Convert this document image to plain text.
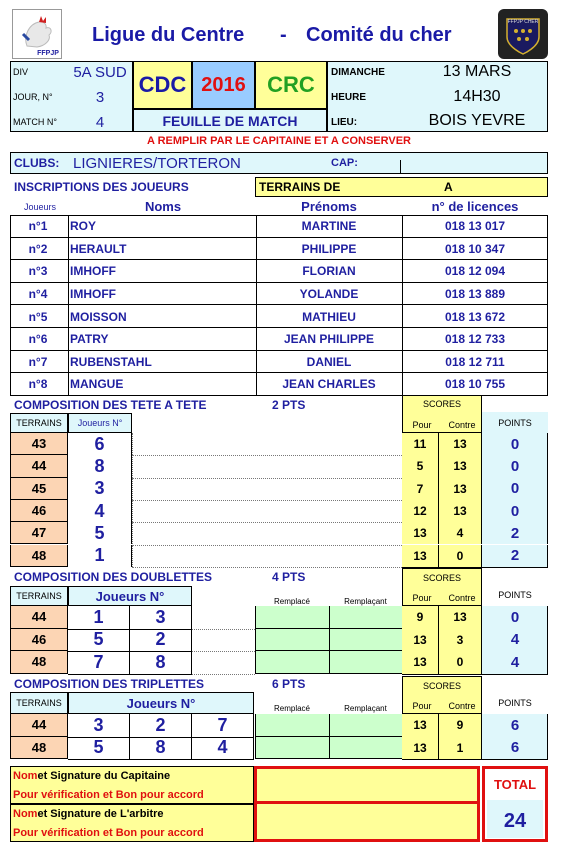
FFPJP
Ligue du Centre - Comité du cher
FFPJP CHER
DIV	5A SUD
JOUR, N°	3
MATCH N°	4
CDC 2016 CRC
FEUILLE DE MATCH
DIMANCHE	13 MARS
HEURE	14H30
LIEU:	BOIS YEVRE
A REMPLIR PAR LE CAPITAINE ET A CONSERVER
CLUBS: LIGNIERES/TORTERON	CAP:
INSCRIPTIONS DES JOUEURS	TERRAINS DE	A
Joueurs	Noms	Prénoms	n° de licences
n°1	ROY	MARTINE	018 13 017
n°2	HERAULT	PHILIPPE	018 10 347
n°3	IMHOFF	FLORIAN	018 12 094
n°4	IMHOFF	YOLANDE	018 13 889
n°5	MOISSON	MATHIEU	018 13 672
n°6	PATRY	JEAN PHILIPPE	018 12 733
n°7	RUBENSTAHL	DANIEL	018 12 711
n°8	MANGUE	JEAN CHARLES	018 10 755
COMPOSITION DES TETE A TETE	2 PTS	SCORES
Pour	Contre	POINTS
TERRAINS	Joueurs N°
43	6	11	13	0
44	8	5	13	0
45	3	7	13	0
46	4	12	13	0
47	5	13	4	2
48	1	13	0	2
COMPOSITION DES DOUBLETTES	4 PTS	SCORES
Pour	Contre	POINTS
TERRAINS	Joueurs N°	Remplacé	Remplaçant
44	1	3	9	13	0
46	5	2	13	3	4
48	7	8	13	0	4
COMPOSITION DES TRIPLETTES	6 PTS	SCORES
Pour	Contre	POINTS
TERRAINS	Joueurs N°	Remplacé	Remplaçant
44	3	2	7	13	9	6
48	5	8	4	13	1	6
Nom et Signature du Capitaine
Pour vérification et Bon pour accord
Nom et Signature de L'arbitre
Pour vérification et Bon pour accord
TOTAL
24
